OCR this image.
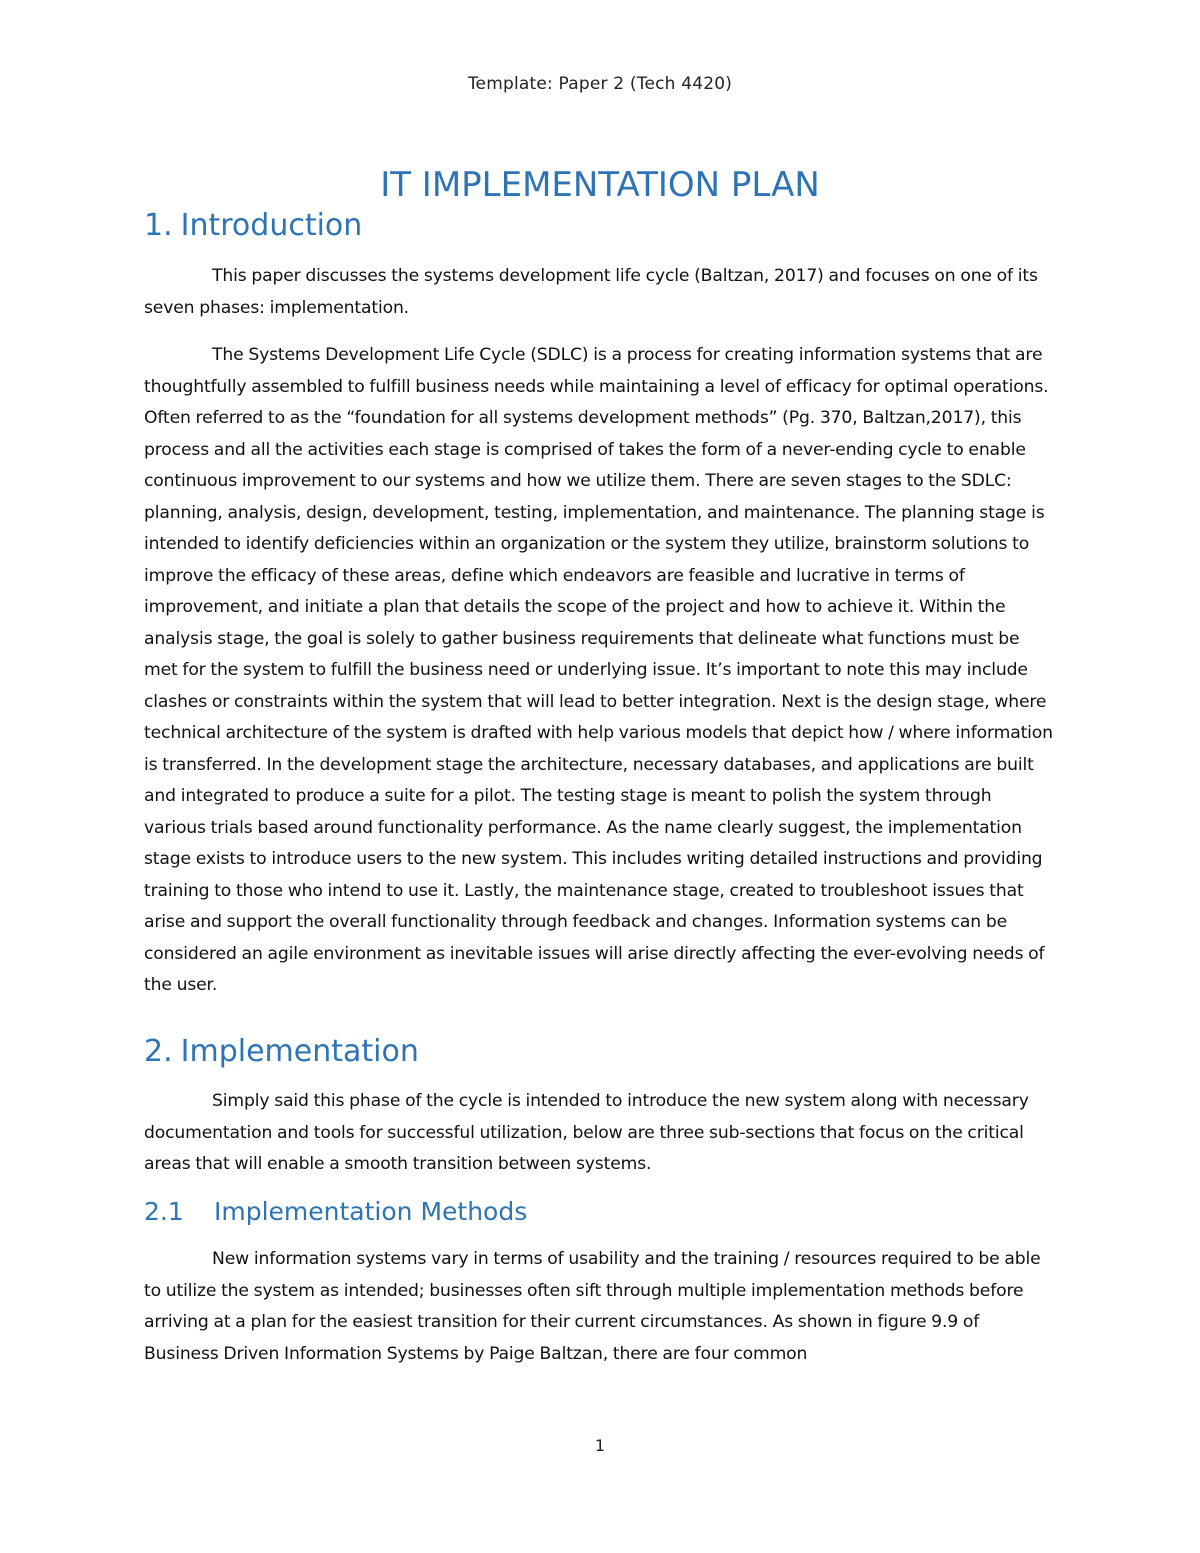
Template: Paper 2 (Tech 4420)
IT IMPLEMENTATION PLAN
1. Introduction

This paper discusses the systems development life cycle (Baltzan, 2017) and focuses on one of its seven phases: implementation.

The Systems Development Life Cycle (SDLC) is a process for creating information systems that are thoughtfully assembled to fulfill business needs while maintaining a level of efficacy for optimal operations. Often referred to as the “foundation for all systems development methods” (Pg. 370, Baltzan,2017), this process and all the activities each stage is comprised of takes the form of a never-ending cycle to enable continuous improvement to our systems and how we utilize them. There are seven stages to the SDLC: planning, analysis, design, development, testing, implementation, and maintenance. The planning stage is intended to identify deficiencies within an organization or the system they utilize, brainstorm solutions to improve the efficacy of these areas, define which endeavors are feasible and lucrative in terms of improvement, and initiate a plan that details the scope of the project and how to achieve it. Within the analysis stage, the goal is solely to gather business requirements that delineate what functions must be met for the system to fulfill the business need or underlying issue. It’s important to note this may include clashes or constraints within the system that will lead to better integration. Next is the design stage, where technical architecture of the system is drafted with help various models that depict how / where information is transferred. In the development stage the architecture, necessary databases, and applications are built and integrated to produce a suite for a pilot. The testing stage is meant to polish the system through various trials based around functionality performance. As the name clearly suggest, the implementation stage exists to introduce users to the new system. This includes writing detailed instructions and providing training to those who intend to use it. Lastly, the maintenance stage, created to troubleshoot issues that arise and support the overall functionality through feedback and changes. Information systems can be considered an agile environment as inevitable issues will arise directly affecting the ever-evolving needs of the user.

2. Implementation

Simply said this phase of the cycle is intended to introduce the new system along with necessary documentation and tools for successful utilization, below are three sub-sections that focus on the critical areas that will enable a smooth transition between systems.

2.1 Implementation Methods

New information systems vary in terms of usability and the training / resources required to be able to utilize the system as intended; businesses often sift through multiple implementation methods before arriving at a plan for the easiest transition for their current circumstances. As shown in figure 9.9 of Business Driven Information Systems by Paige Baltzan, there are four common

1
